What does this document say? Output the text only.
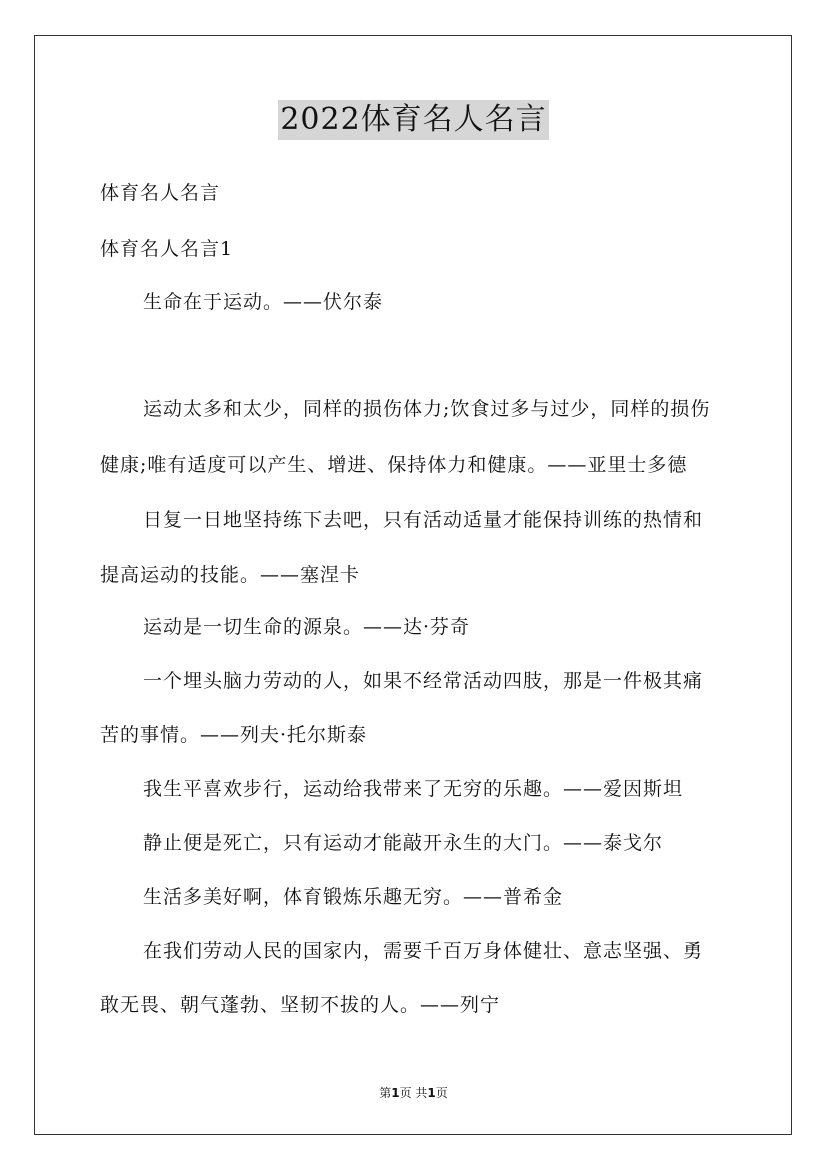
2022体育名人名言
体育名人名言
体育名人名言1
生命在于运动。——伏尔泰
运动太多和太少，同样的损伤体力;饮食过多与过少，同样的损伤
健康;唯有适度可以产生、增进、保持体力和健康。——亚里士多德
日复一日地坚持练下去吧，只有活动适量才能保持训练的热情和
提高运动的技能。——塞涅卡
运动是一切生命的源泉。——达·芬奇
一个埋头脑力劳动的人，如果不经常活动四肢，那是一件极其痛
苦的事情。——列夫·托尔斯泰
我生平喜欢步行，运动给我带来了无穷的乐趣。——爱因斯坦
静止便是死亡，只有运动才能敲开永生的大门。——泰戈尔
生活多美好啊，体育锻炼乐趣无穷。——普希金
在我们劳动人民的国家内，需要千百万身体健壮、意志坚强、勇
敢无畏、朝气蓬勃、坚韧不拔的人。——列宁
第1页 共1页
